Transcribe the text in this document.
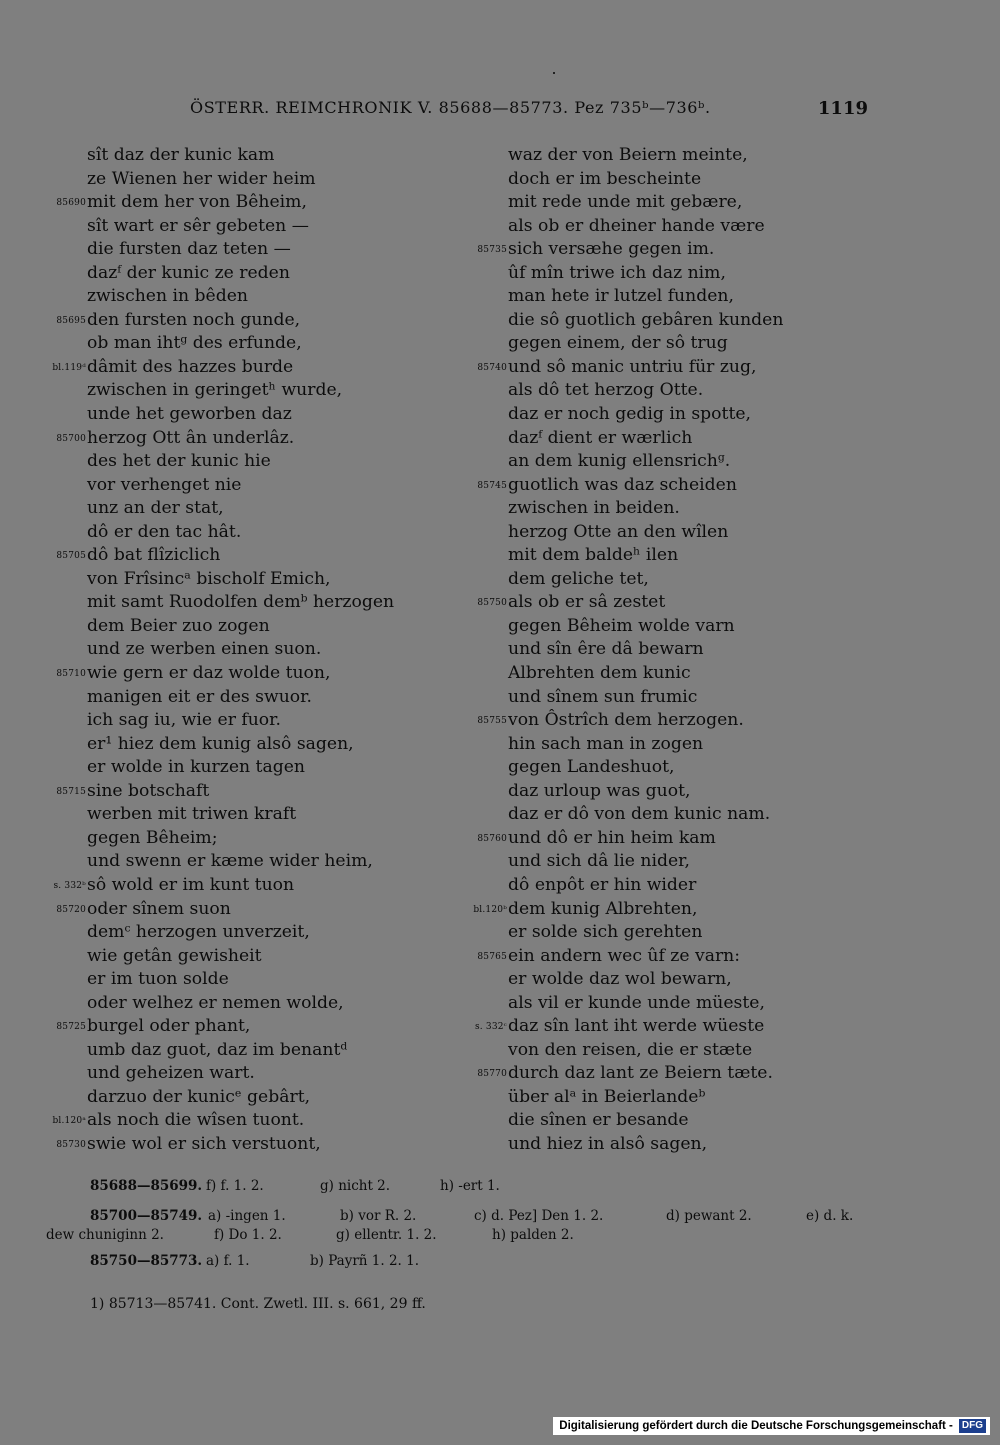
ÖSTERR. REIMCHRONIK V. 85688—85773. Pez 735ᵇ—736ᵇ.	1119
sît daz der kunic kam
ze Wienen her wider heim
85690 mit dem her von Bêheim,
sît wart er sêr gebeten —
die fursten daz teten —
dazᶠ der kunic ze reden
zwischen in bêden
85695 den fursten noch gunde,
ob man ihtᵍ des erfunde,
bl.119ᵈ dâmit des hazzes burde
zwischen in geringetʰ wurde,
unde het geworben daz
85700 herzog Ott ân underlâz.
des het der kunic hie
vor verhenget nie
unz an der stat,
dô er den tac hât.
85705 dô bat flîziclich
von Frîsincᵃ bischolf Emich,
mit samt Ruodolfen demᵇ herzogen
dem Beier zuo zogen
und ze werben einen suon.
85710 wie gern er daz wolde tuon,
manigen eit er des swuor.
ich sag iu, wie er fuor.
er¹ hiez dem kunig alsô sagen,
er wolde in kurzen tagen
85715 sine botschaft
werben mit triwen kraft
gegen Bêheim;
und swenn er kæme wider heim,
s. 332ᵇ sô wold er im kunt tuon
85720 oder sînem suon
demᶜ herzogen unverzeit,
wie getân gewisheit
er im tuon solde
oder welhez er nemen wolde,
85725 burgel oder phant,
umb daz guot, daz im benantᵈ
und geheizen wart.
darzuo der kunicᵉ gebârt,
bl.120ᵃ als noch die wîsen tuont.
85730 swie wol er sich verstuont,
waz der von Beiern meinte,
doch er im bescheinte
mit rede unde mit gebære,
als ob er dheiner hande være
85735 sich versæhe gegen im.
ûf mîn triwe ich daz nim,
man hete ir lutzel funden,
die sô guotlich gebâren kunden
gegen einem, der sô trug
85740 und sô manic untriu für zug,
als dô tet herzog Otte.
daz er noch gedig in spotte,
dazᶠ dient er wærlich
an dem kunig ellensrichᵍ.
85745 guotlich was daz scheiden
zwischen in beiden.
herzog Otte an den wîlen
mit dem baldeʰ ilen
dem geliche tet,
85750 als ob er sâ zestet
gegen Bêheim wolde varn
und sîn êre dâ bewarn
Albrehten dem kunic
und sînem sun frumic
85755 von Ôstrîch dem herzogen.
hin sach man in zogen
gegen Landeshuot,
daz urloup was guot,
daz er dô von dem kunic nam.
85760 und dô er hin heim kam
und sich dâ lie nider,
dô enpôt er hin wider
bl.120ᵇ dem kunig Albrehten,
er solde sich gerehten
85765 ein andern wec ûf ze varn:
er wolde daz wol bewarn,
als vil er kunde unde müeste,
s. 332ᶜ daz sîn lant iht werde wüeste
von den reisen, die er stæte
85770 durch daz lant ze Beiern tæte.
über alᵃ in Beierlandeᵇ
die sînen er besande
und hiez in alsô sagen,
85688—85699. f) f. 1. 2.	g) nicht 2.	h) -ert 1.
85700—85749. a) -ingen 1.	b) vor R. 2.	c) d. Pez] Den 1. 2.	d) pewant 2.	e) d. k.
dew chuniginn 2.	f) Do 1. 2.	g) ellentr. 1. 2.	h) palden 2.
85750—85773. a) f. 1.	b) Payrñ 1. 2. 1.
1) 85713—85741. Cont. Zwetl. III. s. 661, 29 ff.
Digitalisierung gefördert durch die Deutsche Forschungsgemeinschaft - DFG
